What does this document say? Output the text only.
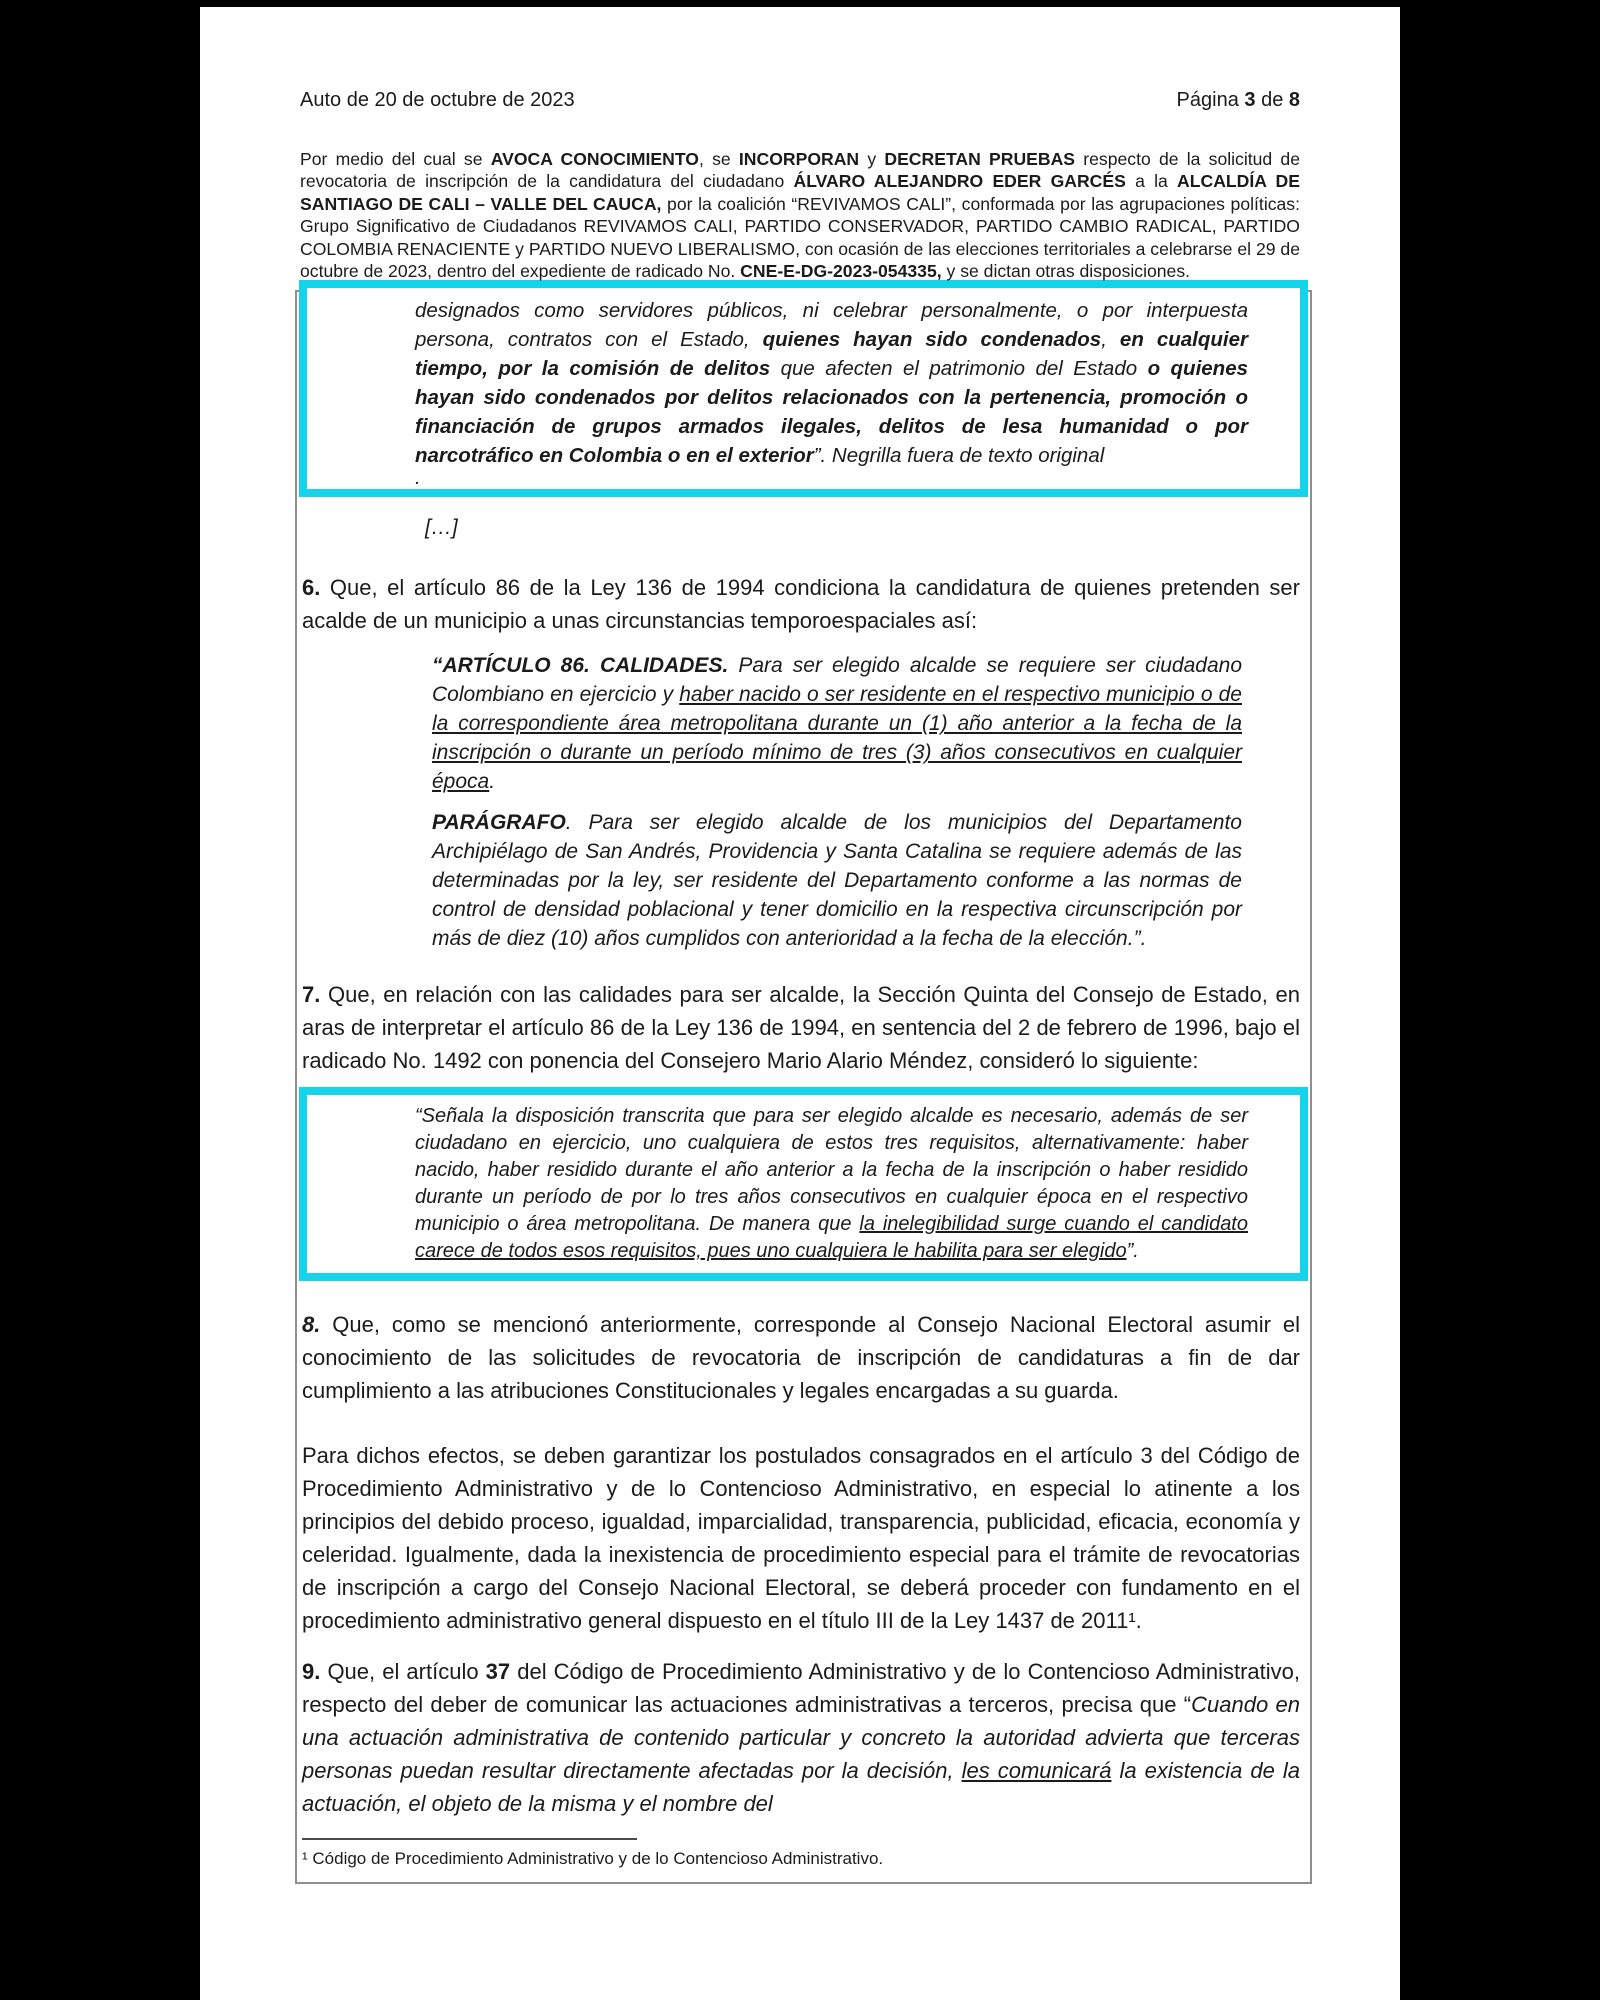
Auto de 20 de octubre de 2023	Página 3 de 8
Por medio del cual se AVOCA CONOCIMIENTO, se INCORPORAN y DECRETAN PRUEBAS respecto de la solicitud de revocatoria de inscripción de la candidatura del ciudadano ÁLVARO ALEJANDRO EDER GARCÉS a la ALCALDÍA DE SANTIAGO DE CALI – VALLE DEL CAUCA, por la coalición “REVIVAMOS CALI”, conformada por las agrupaciones políticas: Grupo Significativo de Ciudadanos REVIVAMOS CALI, PARTIDO CONSERVADOR, PARTIDO CAMBIO RADICAL, PARTIDO COLOMBIA RENACIENTE y PARTIDO NUEVO LIBERALISMO, con ocasión de las elecciones territoriales a celebrarse el 29 de octubre de 2023, dentro del expediente de radicado No. CNE-E-DG-2023-054335, y se dictan otras disposiciones.
designados como servidores públicos, ni celebrar personalmente, o por interpuesta persona, contratos con el Estado, quienes hayan sido condenados, en cualquier tiempo, por la comisión de delitos que afecten el patrimonio del Estado o quienes hayan sido condenados por delitos relacionados con la pertenencia, promoción o financiación de grupos armados ilegales, delitos de lesa humanidad o por narcotráfico en Colombia o en el exterior”. Negrilla fuera de texto original
.
[…]
6. Que, el artículo 86 de la Ley 136 de 1994 condiciona la candidatura de quienes pretenden ser acalde de un municipio a unas circunstancias temporoespaciales así:
“ARTÍCULO 86. CALIDADES. Para ser elegido alcalde se requiere ser ciudadano Colombiano en ejercicio y haber nacido o ser residente en el respectivo municipio o de la correspondiente área metropolitana durante un (1) año anterior a la fecha de la inscripción o durante un período mínimo de tres (3) años consecutivos en cualquier época.
PARÁGRAFO. Para ser elegido alcalde de los municipios del Departamento Archipiélago de San Andrés, Providencia y Santa Catalina se requiere además de las determinadas por la ley, ser residente del Departamento conforme a las normas de control de densidad poblacional y tener domicilio en la respectiva circunscripción por más de diez (10) años cumplidos con anterioridad a la fecha de la elección.”.
7. Que, en relación con las calidades para ser alcalde, la Sección Quinta del Consejo de Estado, en aras de interpretar el artículo 86 de la Ley 136 de 1994, en sentencia del 2 de febrero de 1996, bajo el radicado No. 1492 con ponencia del Consejero Mario Alario Méndez, consideró lo siguiente:
“Señala la disposición transcrita que para ser elegido alcalde es necesario, además de ser ciudadano en ejercicio, uno cualquiera de estos tres requisitos, alternativamente: haber nacido, haber residido durante el año anterior a la fecha de la inscripción o haber residido durante un período de por lo tres años consecutivos en cualquier época en el respectivo municipio o área metropolitana. De manera que la inelegibilidad surge cuando el candidato carece de todos esos requisitos, pues uno cualquiera le habilita para ser elegido”.
8. Que, como se mencionó anteriormente, corresponde al Consejo Nacional Electoral asumir el conocimiento de las solicitudes de revocatoria de inscripción de candidaturas a fin de dar cumplimiento a las atribuciones Constitucionales y legales encargadas a su guarda.
Para dichos efectos, se deben garantizar los postulados consagrados en el artículo 3 del Código de Procedimiento Administrativo y de lo Contencioso Administrativo, en especial lo atinente a los principios del debido proceso, igualdad, imparcialidad, transparencia, publicidad, eficacia, economía y celeridad. Igualmente, dada la inexistencia de procedimiento especial para el trámite de revocatorias de inscripción a cargo del Consejo Nacional Electoral, se deberá proceder con fundamento en el procedimiento administrativo general dispuesto en el título III de la Ley 1437 de 2011¹.
9. Que, el artículo 37 del Código de Procedimiento Administrativo y de lo Contencioso Administrativo, respecto del deber de comunicar las actuaciones administrativas a terceros, precisa que “Cuando en una actuación administrativa de contenido particular y concreto la autoridad advierta que terceras personas puedan resultar directamente afectadas por la decisión, les comunicará la existencia de la actuación, el objeto de la misma y el nombre del
¹ Código de Procedimiento Administrativo y de lo Contencioso Administrativo.
